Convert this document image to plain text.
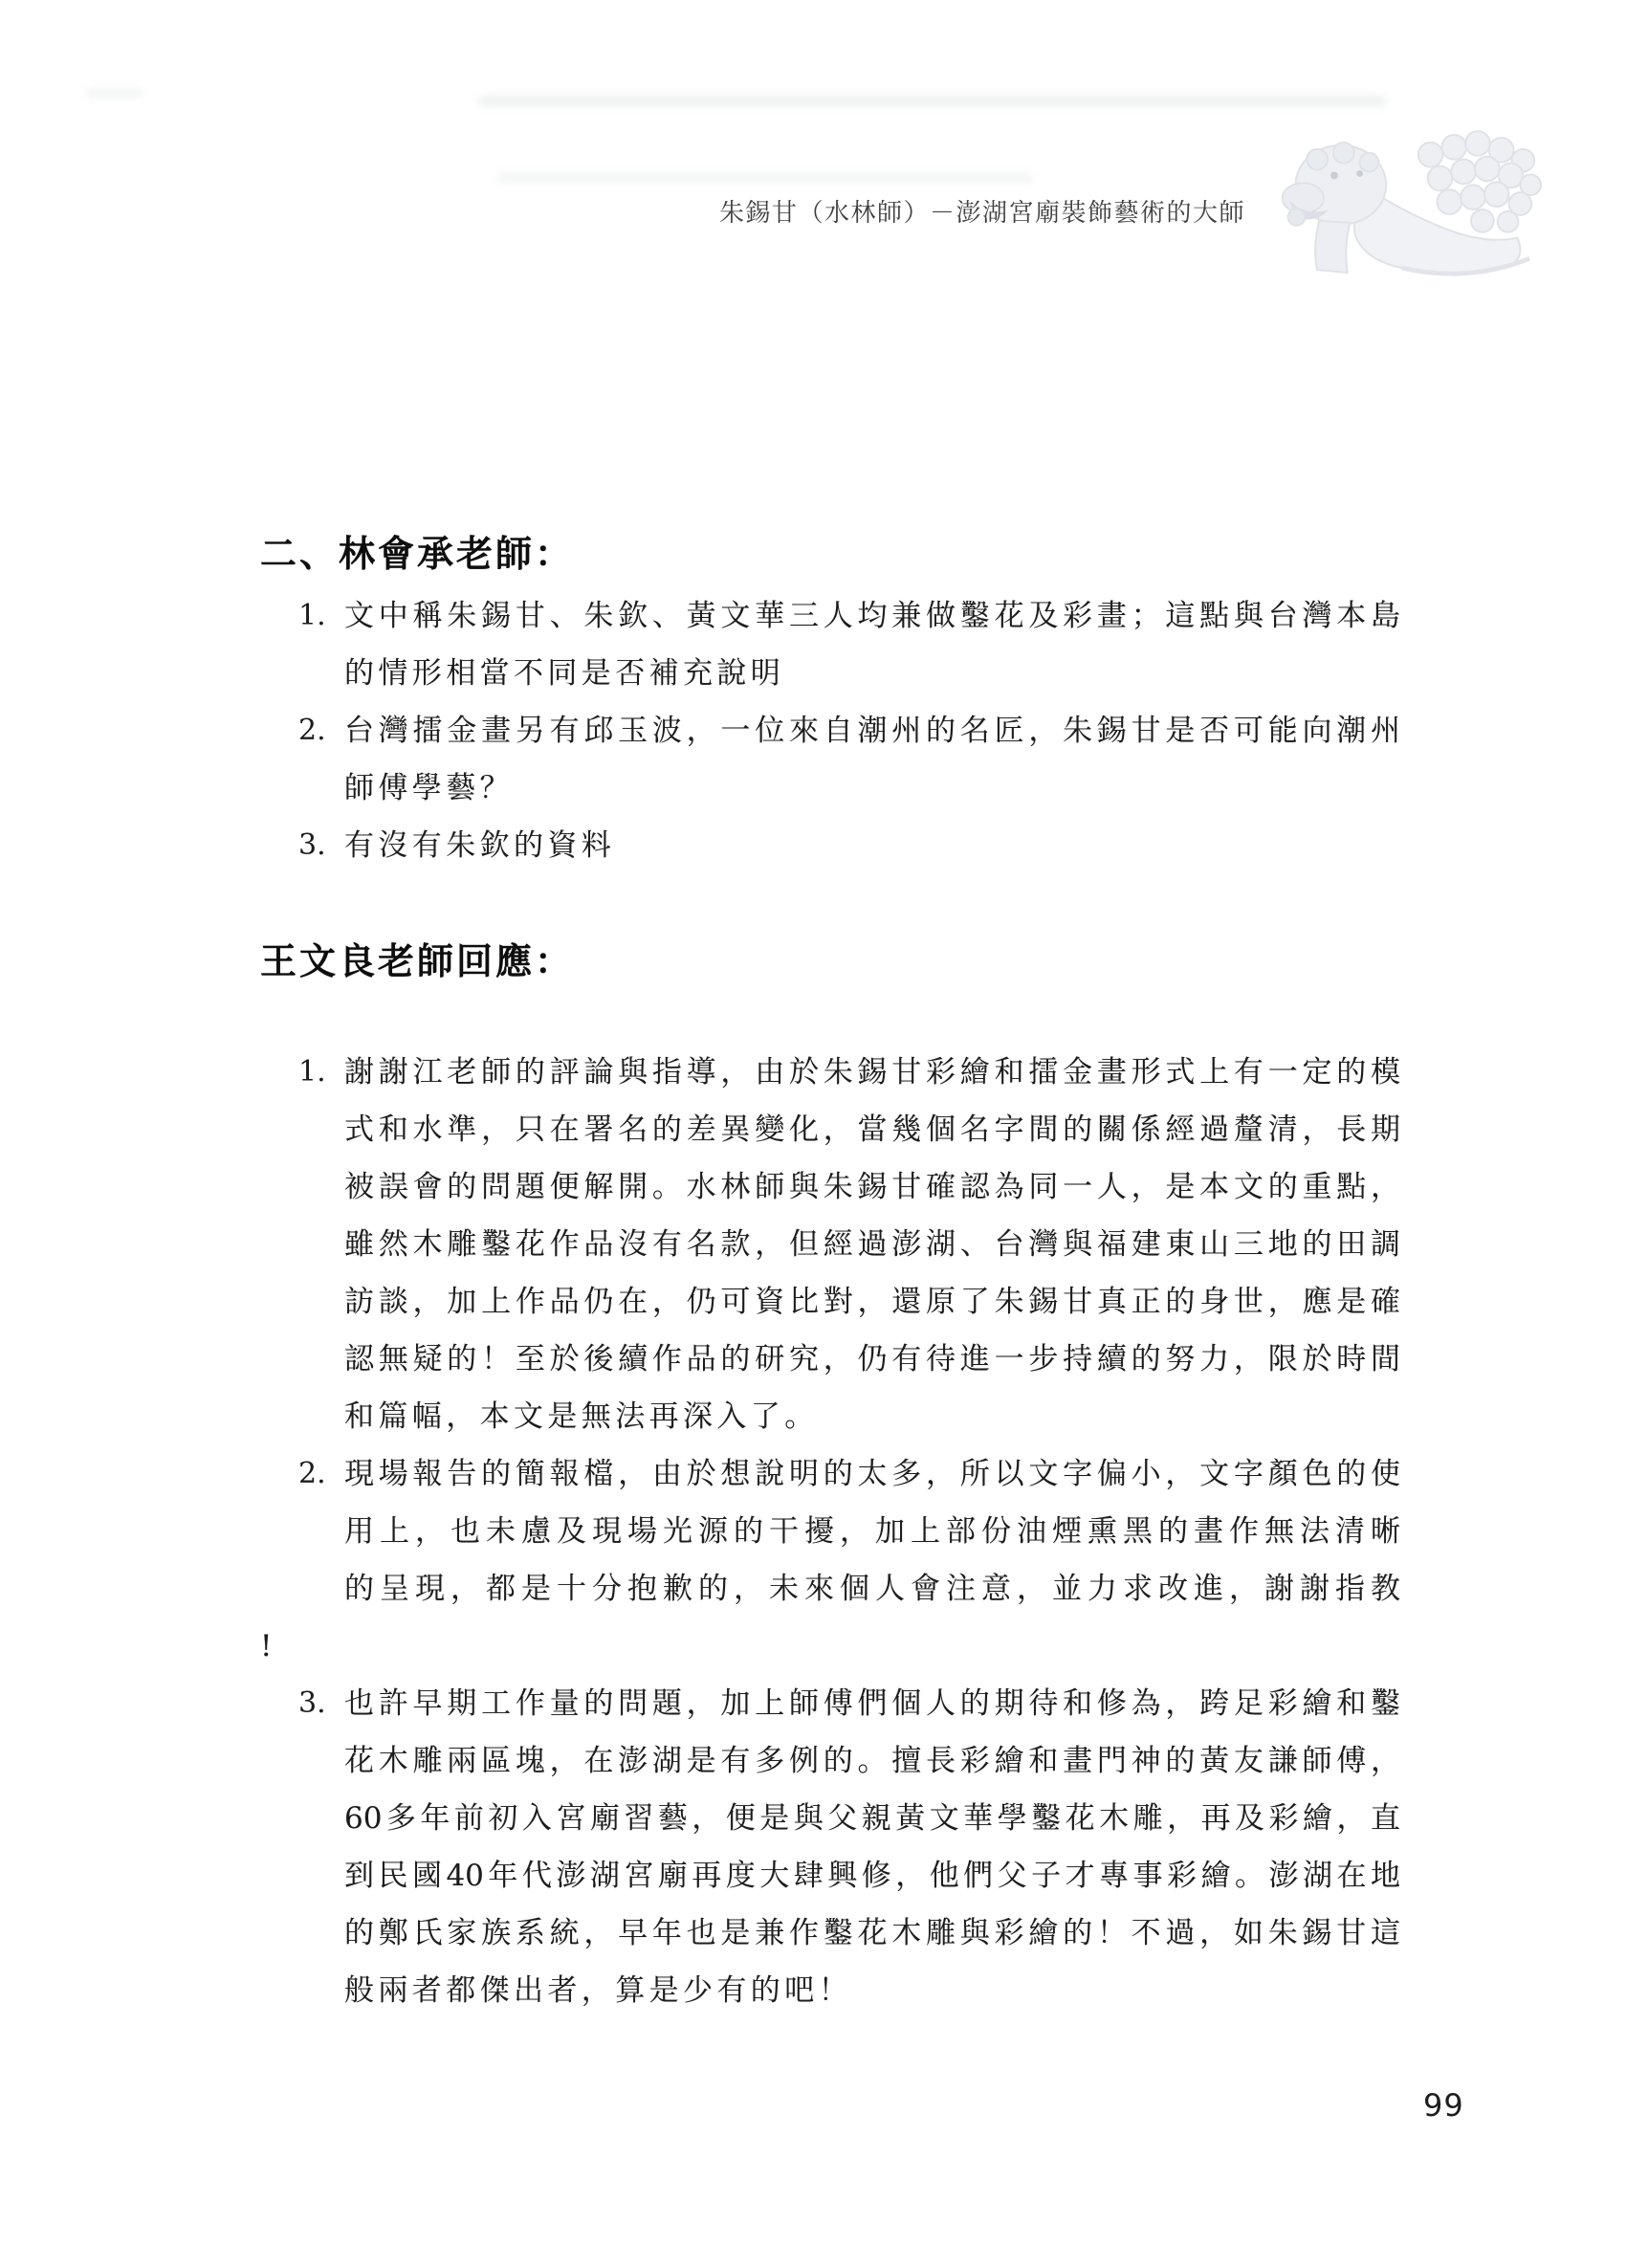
朱錫甘（水林師）－澎湖宮廟裝飾藝術的大師
二、林會承老師：
1. 文中稱朱錫甘、朱欽、黃文華三人均兼做鑿花及彩畫；這點與台灣本島
的情形相當不同是否補充說明
2. 台灣擂金畫另有邱玉波，一位來自潮州的名匠，朱錫甘是否可能向潮州
師傅學藝？
3. 有沒有朱欽的資料
王文良老師回應：
1. 謝謝江老師的評論與指導，由於朱錫甘彩繪和擂金畫形式上有一定的模
式和水準，只在署名的差異變化，當幾個名字間的關係經過釐清，長期
被誤會的問題便解開。水林師與朱錫甘確認為同一人，是本文的重點，
雖然木雕鑿花作品沒有名款，但經過澎湖、台灣與福建東山三地的田調
訪談，加上作品仍在，仍可資比對，還原了朱錫甘真正的身世，應是確
認無疑的！至於後續作品的研究，仍有待進一步持續的努力，限於時間
和篇幅，本文是無法再深入了。
2. 現場報告的簡報檔，由於想說明的太多，所以文字偏小，文字顏色的使
用上，也未慮及現場光源的干擾，加上部份油煙熏黑的畫作無法清晰
的呈現，都是十分抱歉的，未來個人會注意，並力求改進，謝謝指教
!
3. 也許早期工作量的問題，加上師傅們個人的期待和修為，跨足彩繪和鑿
花木雕兩區塊，在澎湖是有多例的。擅長彩繪和畫門神的黃友謙師傅，
60多年前初入宮廟習藝，便是與父親黃文華學鑿花木雕，再及彩繪，直
到民國40年代澎湖宮廟再度大肆興修，他們父子才專事彩繪。澎湖在地
的鄭氏家族系統，早年也是兼作鑿花木雕與彩繪的！不過，如朱錫甘這
般兩者都傑出者，算是少有的吧！
99
